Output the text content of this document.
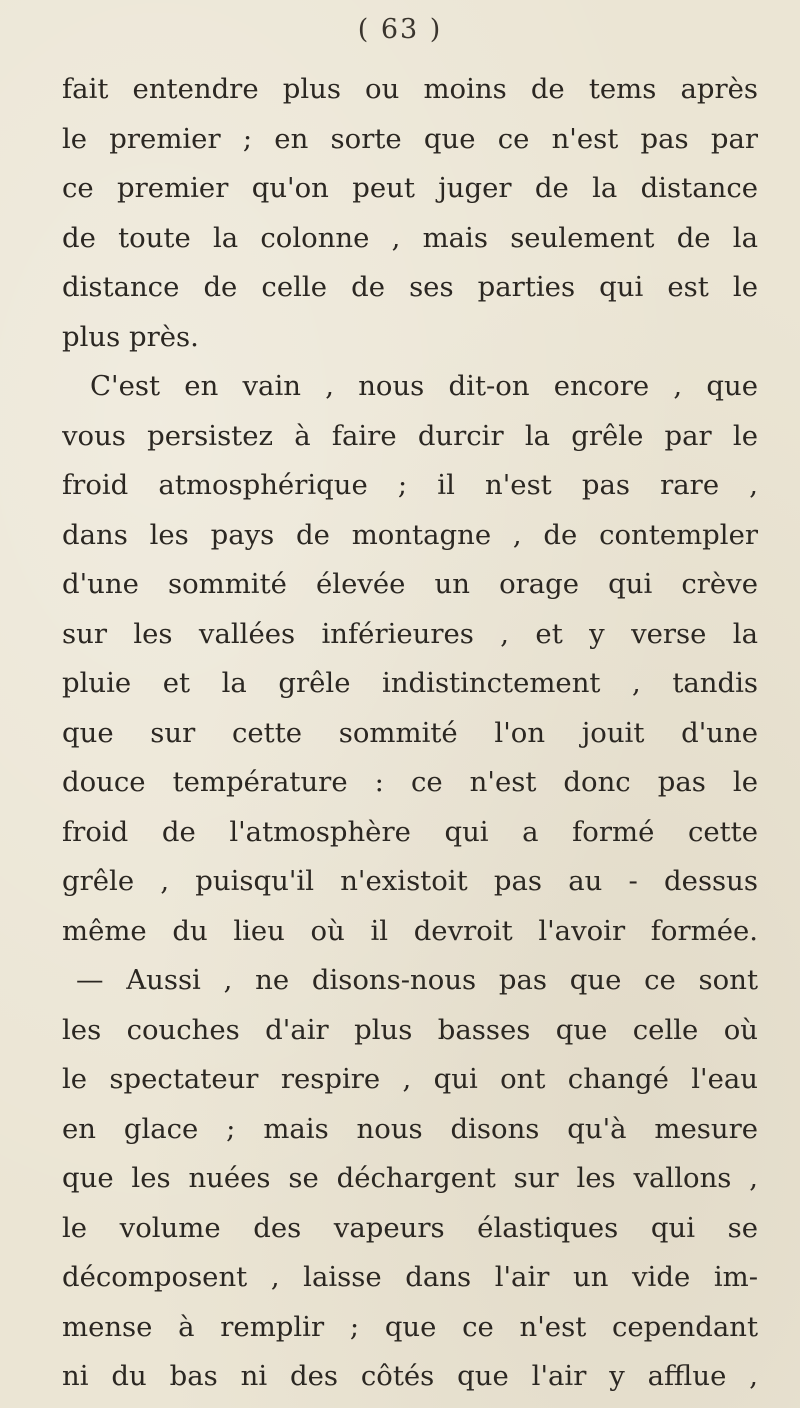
( 63 )
fait entendre plus ou moins de tems après
le premier ; en sorte que ce n'est pas par
ce premier qu'on peut juger de la distance
de toute la colonne , mais seulement de la
distance de celle de ses parties qui est le
plus près.
C'est en vain , nous dit-on encore , que
vous persistez à faire durcir la grêle par le
froid atmosphérique ; il n'est pas rare ,
dans les pays de montagne , de contempler
d'une sommité élevée un orage qui crève
sur les vallées inférieures , et y verse la
pluie et la grêle indistinctement , tandis
que sur cette sommité l'on jouit d'une
douce température : ce n'est donc pas le
froid de l'atmosphère qui a formé cette
grêle , puisqu'il n'existoit pas au - dessus
même du lieu où il devroit l'avoir formée.
— Aussi , ne disons-nous pas que ce sont
les couches d'air plus basses que celle où
le spectateur respire , qui ont changé l'eau
en glace ; mais nous disons qu'à mesure
que les nuées se déchargent sur les vallons ,
le volume des vapeurs élastiques qui se
décomposent , laisse dans l'air un vide im-
mense à remplir ; que ce n'est cependant
ni du bas ni des côtés que l'air y afflue ,
